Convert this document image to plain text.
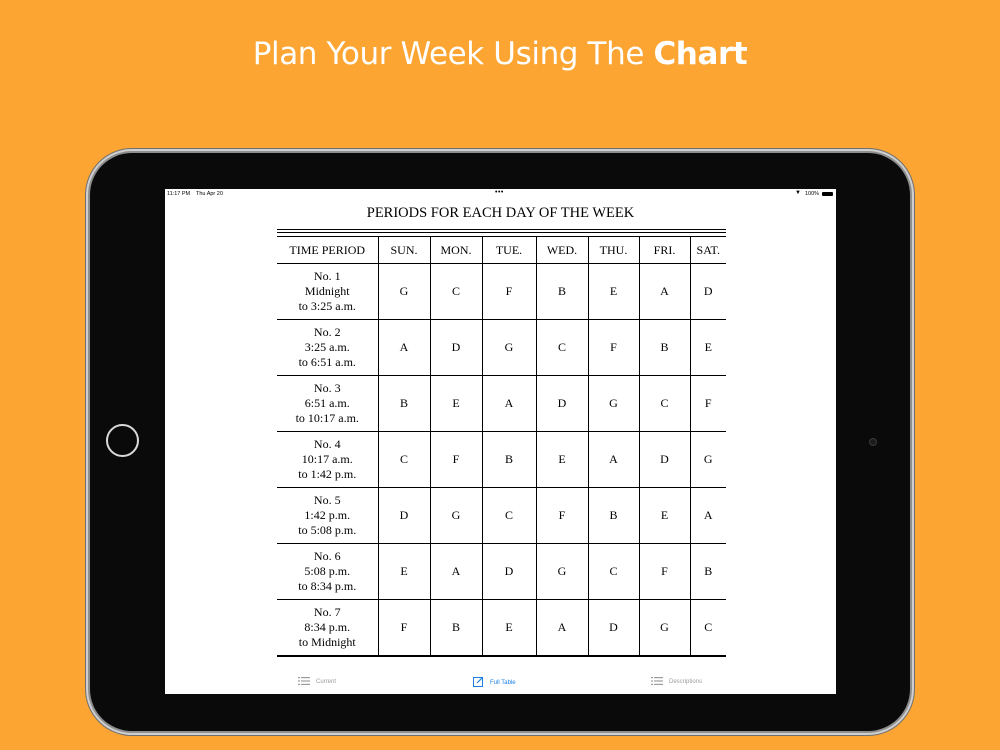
Plan Your Week Using The Chart
11:17 PM Thu Apr 20	•••	▼ 100%
PERIODS FOR EACH DAY OF THE WEEK
TIME PERIOD	SUN.	MON.	TUE.	WED.	THU.	FRI.	SAT.

No. 1
Midnight
to 3:25 a.m.	G	C	F	B	E	A	D

No. 2
3:25 a.m.
to 6:51 a.m.	A	D	G	C	F	B	E

No. 3
6:51 a.m.
to 10:17 a.m.	B	E	A	D	G	C	F

No. 4
10:17 a.m.
to 1:42 p.m.	C	F	B	E	A	D	G

No. 5
1:42 p.m.
to 5:08 p.m.	D	G	C	F	B	E	A

No. 6
5:08 p.m.
to 8:34 p.m.	E	A	D	G	C	F	B

No. 7
8:34 p.m.
to Midnight	F	B	E	A	D	G	C
Current	Full Table	Descriptions
